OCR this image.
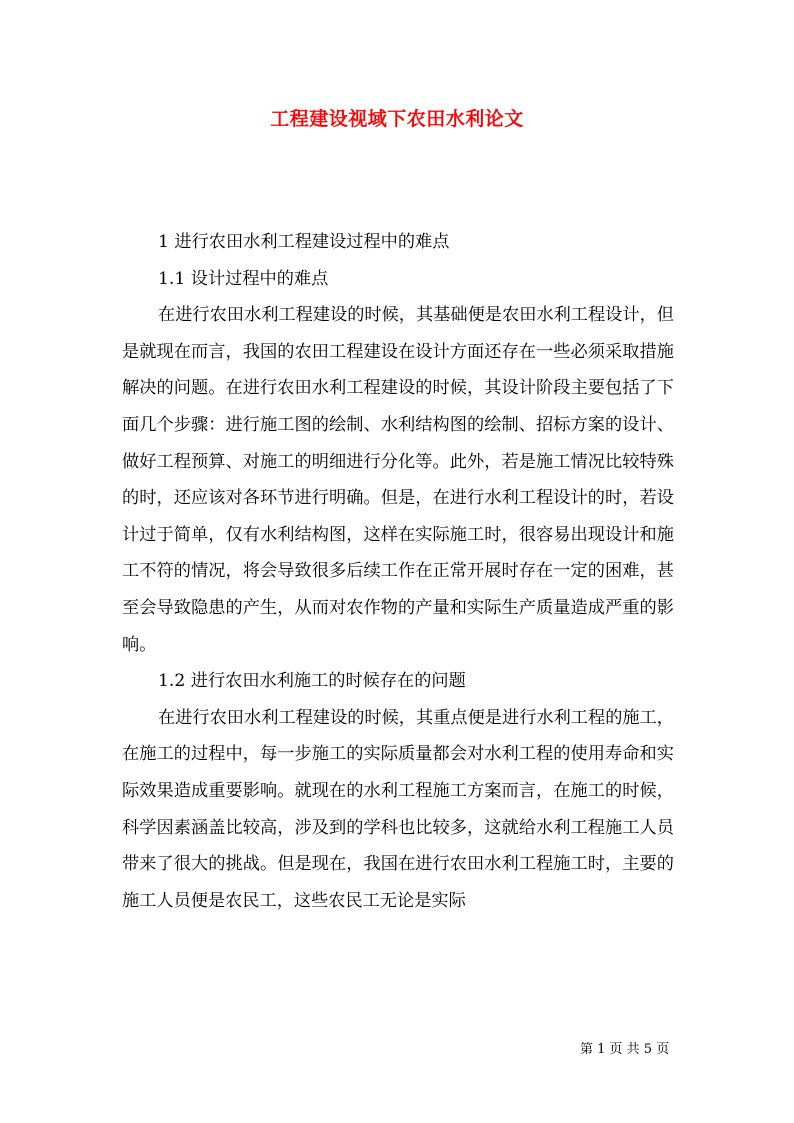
工程建设视域下农田水利论文

1 进行农田水利工程建设过程中的难点

1.1 设计过程中的难点

在进行农田水利工程建设的时候，其基础便是农田水利工程设计，但是就现在而言，我国的农田工程建设在设计方面还存在一些必须采取措施解决的问题。在进行农田水利工程建设的时候，其设计阶段主要包括了下面几个步骤：进行施工图的绘制、水利结构图的绘制、招标方案的设计、做好工程预算、对施工的明细进行分化等。此外，若是施工情况比较特殊的时，还应该对各环节进行明确。但是，在进行水利工程设计的时，若设计过于简单，仅有水利结构图，这样在实际施工时，很容易出现设计和施工不符的情况，将会导致很多后续工作在正常开展时存在一定的困难，甚至会导致隐患的产生，从而对农作物的产量和实际生产质量造成严重的影响。

1.2 进行农田水利施工的时候存在的问题

在进行农田水利工程建设的时候，其重点便是进行水利工程的施工，在施工的过程中，每一步施工的实际质量都会对水利工程的使用寿命和实际效果造成重要影响。就现在的水利工程施工方案而言，在施工的时候，科学因素涵盖比较高，涉及到的学科也比较多，这就给水利工程施工人员带来了很大的挑战。但是现在，我国在进行农田水利工程施工时，主要的施工人员便是农民工，这些农民工无论是实际

第 1 页 共 5 页
